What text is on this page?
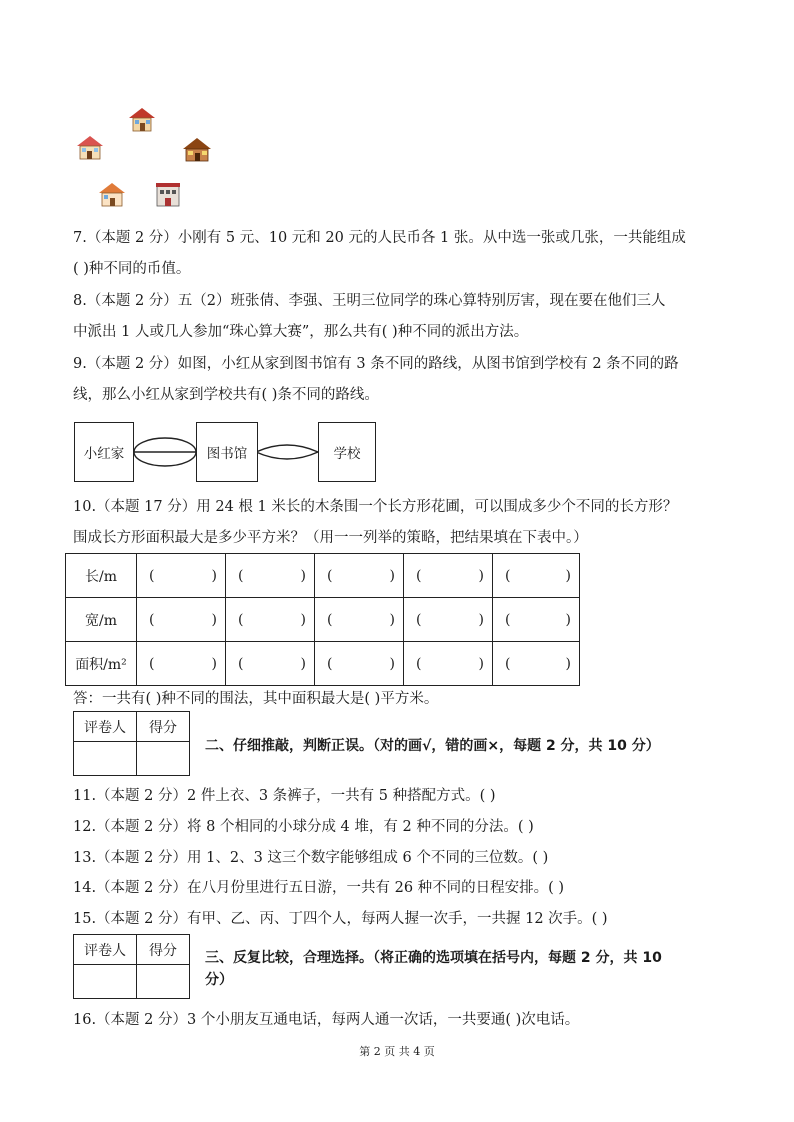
7.（本题 2 分）小刚有 5 元、10 元和 20 元的人民币各 1 张。从中选一张或几张，一共能组成
( )种不同的币值。
8.（本题 2 分）五（2）班张倩、李强、王明三位同学的珠心算特别厉害，现在要在他们三人
中派出 1 人或几人参加“珠心算大赛”，那么共有( )种不同的派出方法。
9.（本题 2 分）如图，小红从家到图书馆有 3 条不同的路线，从图书馆到学校有 2 条不同的路
线，那么小红从家到学校共有( )条不同的路线。
小红家	图书馆	学校
10.（本题 17 分）用 24 根 1 米长的木条围一个长方形花圃，可以围成多少个不同的长方形？
围成长方形面积最大是多少平方米？（用一一列举的策略，把结果填在下表中。）
长/m	( )	( )	( )	( )	( )

宽/m	( )	( )	( )	( )	( )

面积/m²	( )	( )	( )	( )	( )
答：一共有( )种不同的围法，其中面积最大是( )平方米。
评卷人	得分

二、仔细推敲，判断正误。（对的画√，错的画×，每题 2 分，共 10 分）
11.（本题 2 分）2 件上衣、3 条裤子，一共有 5 种搭配方式。( )
12.（本题 2 分）将 8 个相同的小球分成 4 堆，有 2 种不同的分法。( )
13.（本题 2 分）用 1、2、3 这三个数字能够组成 6 个不同的三位数。( )
14.（本题 2 分）在八月份里进行五日游，一共有 26 种不同的日程安排。( )
15.（本题 2 分）有甲、乙、丙、丁四个人，每两人握一次手，一共握 12 次手。( )
评卷人	得分
	三、反复比较，合理选择。（将正确的选项填在括号内，每题 2 分，共 10
分）
16.（本题 2 分）3 个小朋友互通电话，每两人通一次话，一共要通( )次电话。
第 2 页 共 4 页
